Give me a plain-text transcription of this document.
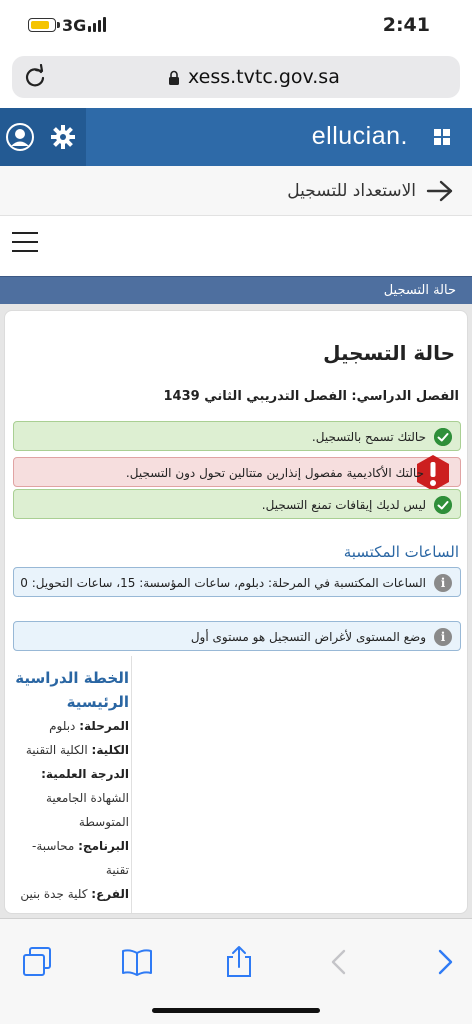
3G	2:41
xess.tvtc.gov.sa
ellucian.
الاستعداد للتسجيل
حالة التسجيل
حالة التسجيل
الفصل الدراسي: الفصل التدريبي الثاني 1439
حالتك تسمح بالتسجيل.
حالتك الأكاديمية مفصول إنذارين متتالين تحول دون التسجيل.
ليس لديك إيقافات تمنع التسجيل.
الساعات المكتسبة
i
الساعات المكتسبة في المرحلة: دبلوم، ساعات المؤسسة: 15، ساعات التحويل: 0
i
وضع المستوى لأغراض التسجيل هو مستوى أول
الخطة الدراسية الرئيسية
المرحلة: دبلوم
الكلية: الكلية التقنية
الدرجة العلمية:
الشهادة الجامعية المتوسطة
البرنامج: محاسبة-تقنية
الفرع: كلية جدة بنين
